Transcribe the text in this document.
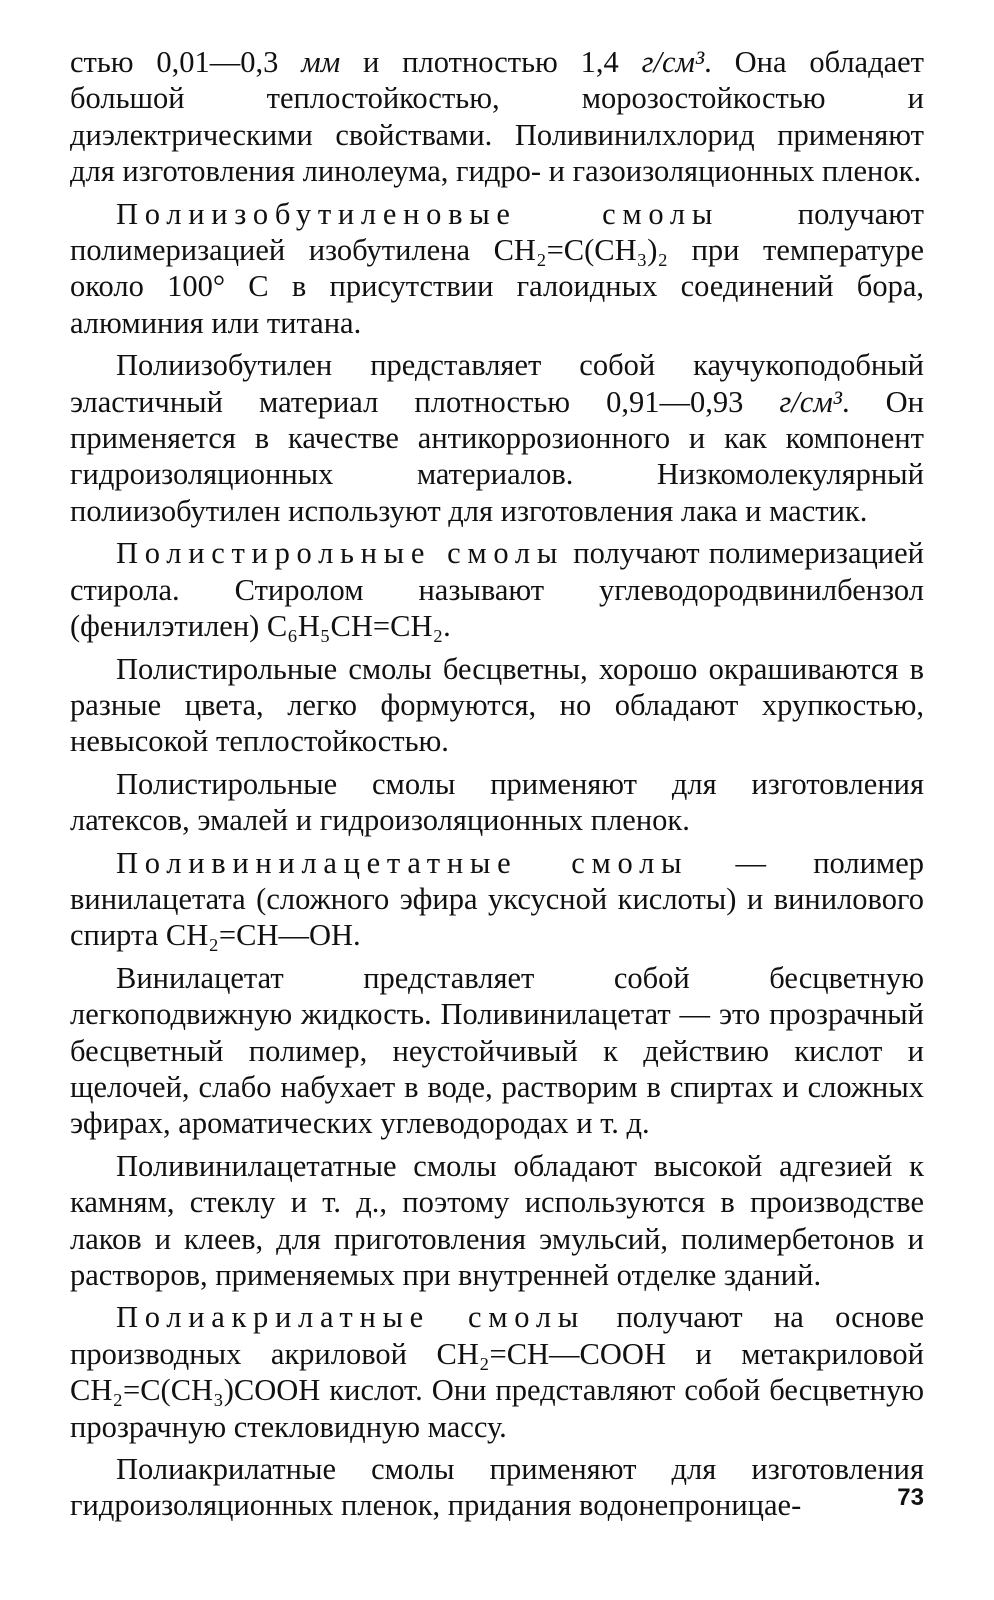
стью 0,01—0,3 мм и плотностью 1,4 г/см³. Она обладает большой теплостойкостью, морозостойкостью и диэлектрическими свойствами. Поливинилхлорид применяют для изготовления линолеума, гидро- и газоизоляционных пленок.

Полиизобутиленовые смолы получают полимеризацией изобутилена CH₂=C(CH₃)₂ при температуре около 100° С в присутствии галоидных соединений бора, алюминия или титана.

Полиизобутилен представляет собой каучукоподобный эластичный материал плотностью 0,91—0,93 г/см³. Он применяется в качестве антикоррозионного и как компонент гидроизоляционных материалов. Низкомолекулярный полиизобутилен используют для изготовления лака и мастик.

Полистирольные смолы получают полимеризацией стирола. Стиролом называют углеводородвинилбензол (фенилэтилен) C₆H₅CH=CH₂.

Полистирольные смолы бесцветны, хорошо окрашиваются в разные цвета, легко формуются, но обладают хрупкостью, невысокой теплостойкостью.

Полистирольные смолы применяют для изготовления латексов, эмалей и гидроизоляционных пленок.

Поливинилацетатные смолы — полимер винилацетата (сложного эфира уксусной кислоты) и винилового спирта CH₂=CH—OH.

Винилацетат представляет собой бесцветную легкоподвижную жидкость. Поливинилацетат — это прозрачный бесцветный полимер, неустойчивый к действию кислот и щелочей, слабо набухает в воде, растворим в спиртах и сложных эфирах, ароматических углеводородах и т. д.

Поливинилацетатные смолы обладают высокой адгезией к камням, стеклу и т. д., поэтому используются в производстве лаков и клеев, для приготовления эмульсий, полимербетонов и растворов, применяемых при внутренней отделке зданий.

Полиакрилатные смолы получают на основе производных акриловой CH₂=CH—COOH и метакриловой CH₂=C(CH₃)COOH кислот. Они представляют собой бесцветную прозрачную стекловидную массу.

Полиакрилатные смолы применяют для изготовления гидроизоляционных пленок, придания водонепроницае-	73
